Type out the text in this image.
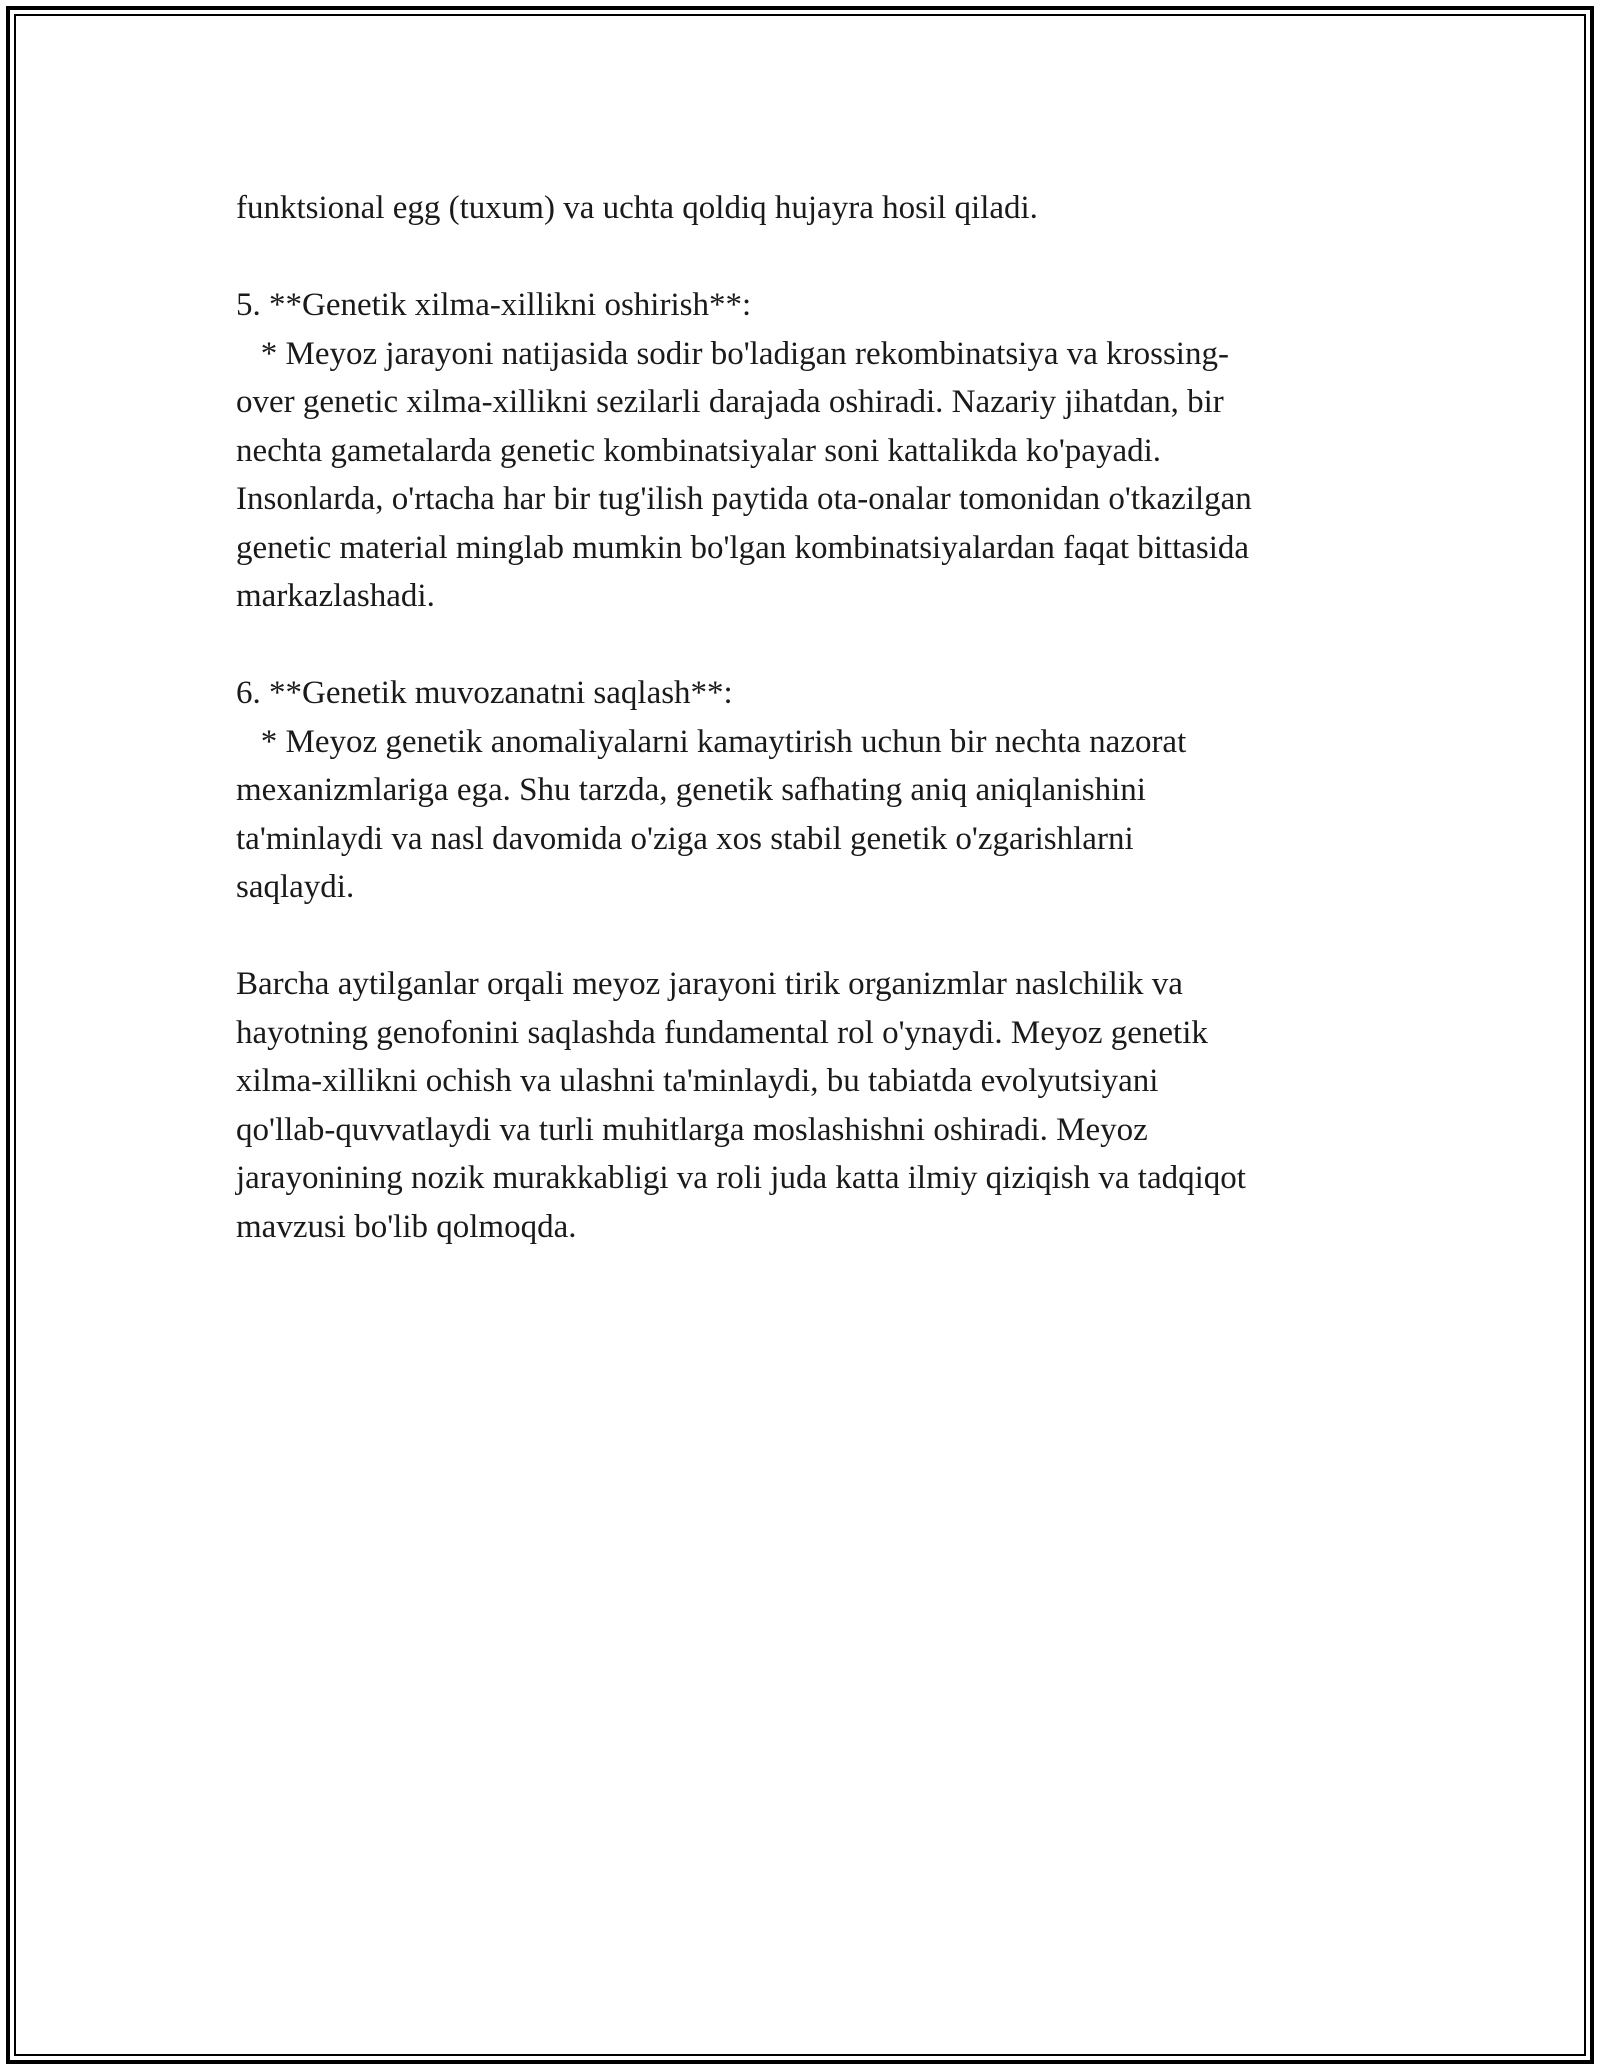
funktsional egg (tuxum) va uchta qoldiq hujayra hosil qiladi.
5. **Genetik xilma-xillikni oshirish**:
* Meyoz jarayoni natijasida sodir bo'ladigan rekombinatsiya va krossing-
over genetic xilma-xillikni sezilarli darajada oshiradi. Nazariy jihatdan, bir
nechta gametalarda genetic kombinatsiyalar soni kattalikda ko'payadi.
Insonlarda, o'rtacha har bir tug'ilish paytida ota-onalar tomonidan o'tkazilgan
genetic material minglab mumkin bo'lgan kombinatsiyalardan faqat bittasida
markazlashadi.
6. **Genetik muvozanatni saqlash**:
* Meyoz genetik anomaliyalarni kamaytirish uchun bir nechta nazorat
mexanizmlariga ega. Shu tarzda, genetik safhating aniq aniqlanishini
ta'minlaydi va nasl davomida o'ziga xos stabil genetik o'zgarishlarni
saqlaydi.
Barcha aytilganlar orqali meyoz jarayoni tirik organizmlar naslchilik va
hayotning genofonini saqlashda fundamental rol o'ynaydi. Meyoz genetik
xilma-xillikni ochish va ulashni ta'minlaydi, bu tabiatda evolyutsiyani
qo'llab-quvvatlaydi va turli muhitlarga moslashishni oshiradi. Meyoz
jarayonining nozik murakkabligi va roli juda katta ilmiy qiziqish va tadqiqot
mavzusi bo'lib qolmoqda.
